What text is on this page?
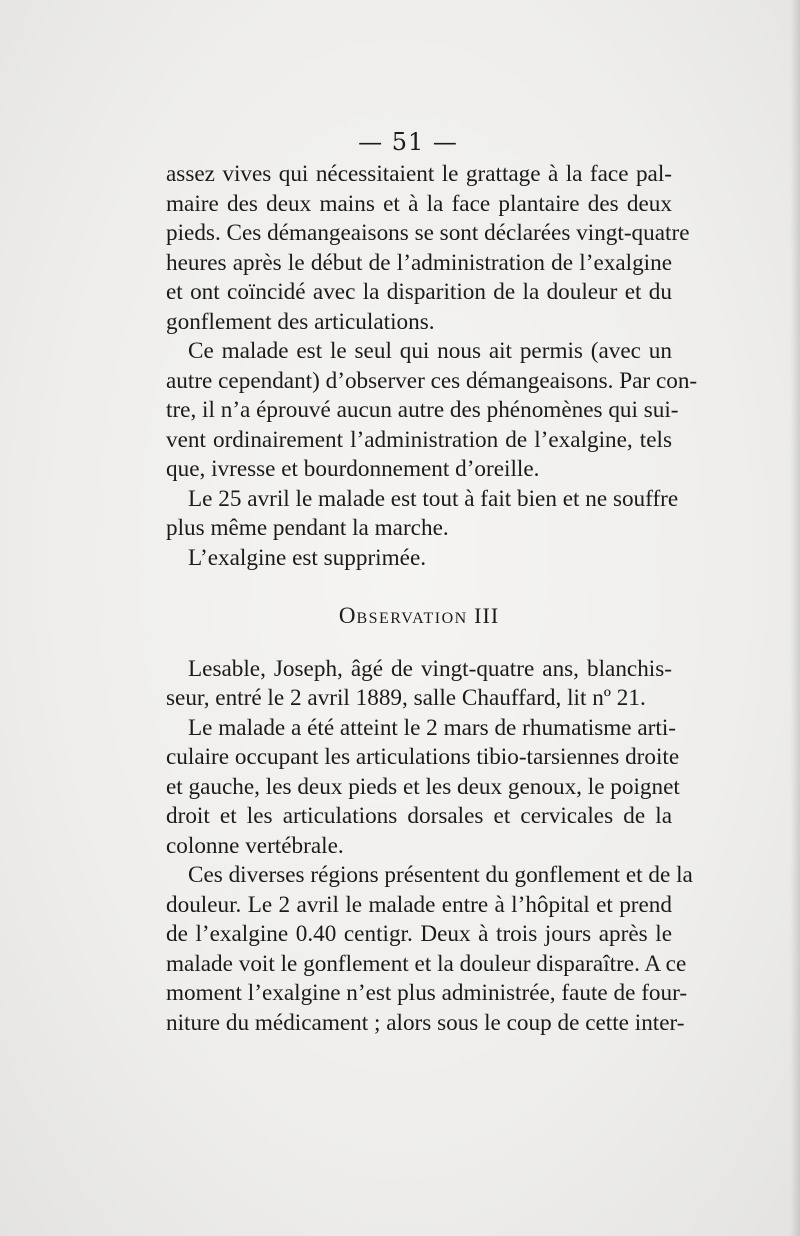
— 51 —
assez vives qui nécessitaient le grattage à la face pal-
maire des deux mains et à la face plantaire des deux
pieds. Ces démangeaisons se sont déclarées vingt-quatre
heures après le début de l’administration de l’exalgine
et ont coïncidé avec la disparition de la douleur et du
gonflement des articulations.
Ce malade est le seul qui nous ait permis (avec un
autre cependant) d’observer ces démangeaisons. Par con-
tre, il n’a éprouvé aucun autre des phénomènes qui sui-
vent ordinairement l’administration de l’exalgine, tels
que, ivresse et bourdonnement d’oreille.
Le 25 avril le malade est tout à fait bien et ne souffre
plus même pendant la marche.
L’exalgine est supprimée.
OBSERVATION III
Lesable, Joseph, âgé de vingt-quatre ans, blanchis-
seur, entré le 2 avril 1889, salle Chauffard, lit nº 21.
Le malade a été atteint le 2 mars de rhumatisme arti-
culaire occupant les articulations tibio-tarsiennes droite
et gauche, les deux pieds et les deux genoux, le poignet
droit et les articulations dorsales et cervicales de la
colonne vertébrale.
Ces diverses régions présentent du gonflement et de la
douleur. Le 2 avril le malade entre à l’hôpital et prend
de l’exalgine 0.40 centigr. Deux à trois jours après le
malade voit le gonflement et la douleur disparaître. A ce
moment l’exalgine n’est plus administrée, faute de four-
niture du médicament ; alors sous le coup de cette inter-
